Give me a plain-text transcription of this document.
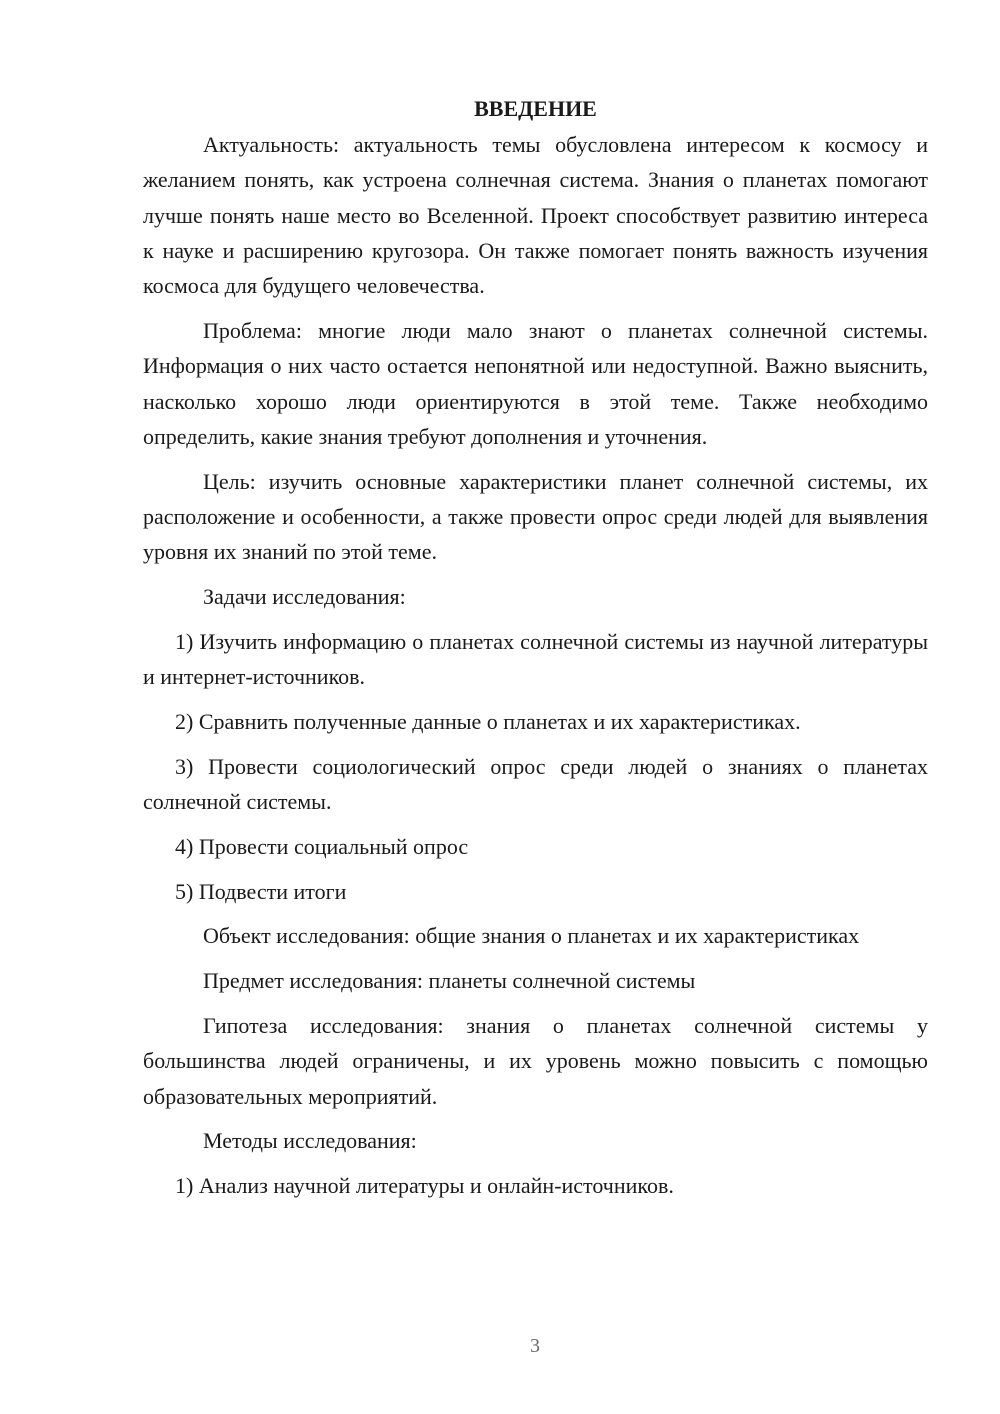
ВВЕДЕНИЕ

Актуальность: актуальность темы обусловлена интересом к космосу и желанием понять, как устроена солнечная система. Знания о планетах помогают лучше понять наше место во Вселенной. Проект способствует развитию интереса к науке и расширению кругозора. Он также помогает понять важность изучения космоса для будущего человечества.

Проблема: многие люди мало знают о планетах солнечной системы. Информация о них часто остается непонятной или недоступной. Важно выяснить, насколько хорошо люди ориентируются в этой теме. Также необходимо определить, какие знания требуют дополнения и уточнения.

Цель: изучить основные характеристики планет солнечной системы, их расположение и особенности, а также провести опрос среди людей для выявления уровня их знаний по этой теме.

Задачи исследования:

1) Изучить информацию о планетах солнечной системы из научной литературы и интернет-источников.

2) Сравнить полученные данные о планетах и их характеристиках.

3) Провести социологический опрос среди людей о знаниях о планетах солнечной системы.

4) Провести социальный опрос

5) Подвести итоги

Объект исследования: общие знания о планетах и их характеристиках

Предмет исследования: планеты солнечной системы

Гипотеза исследования: знания о планетах солнечной системы у большинства людей ограничены, и их уровень можно повысить с помощью образовательных мероприятий.

Методы исследования:

1) Анализ научной литературы и онлайн-источников.

3
